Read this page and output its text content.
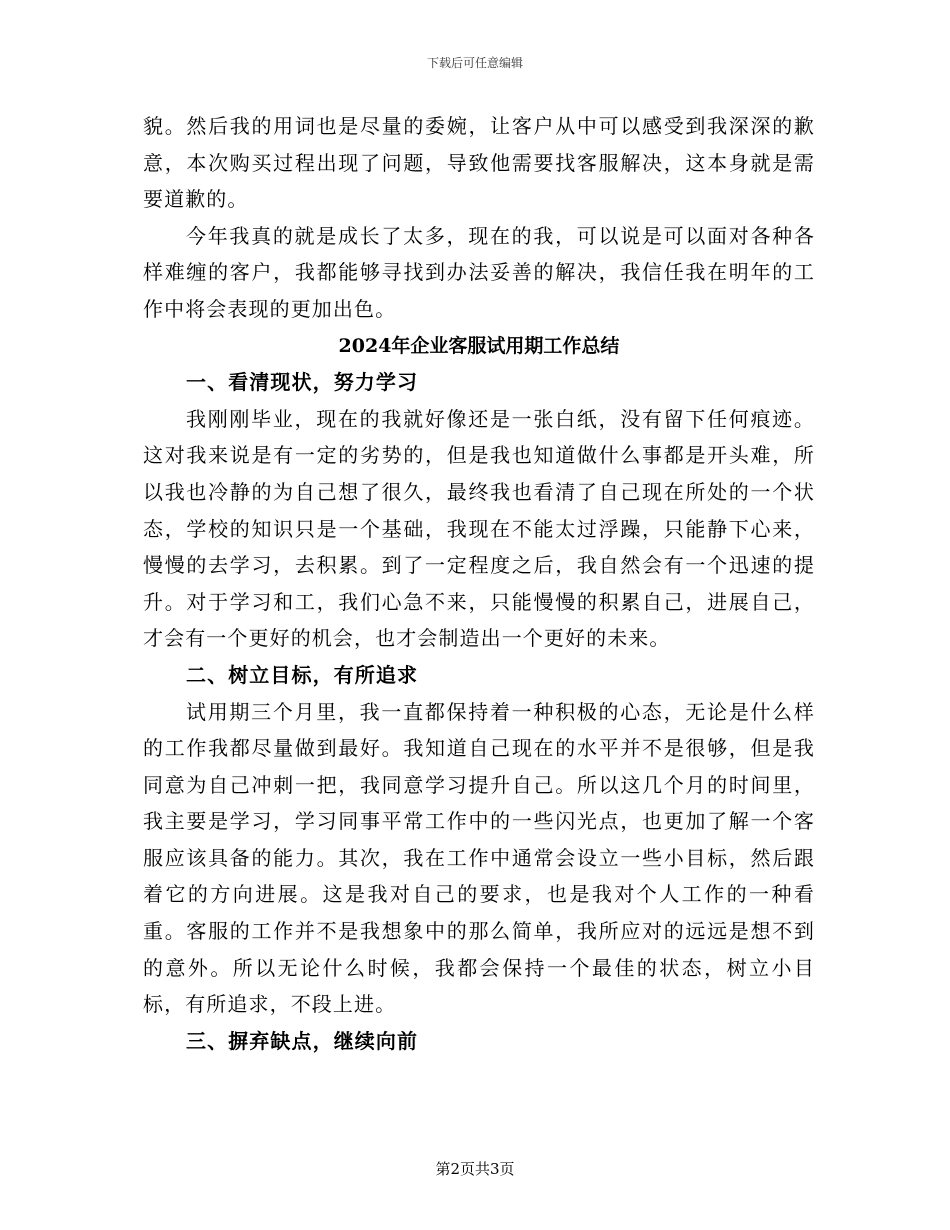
下载后可任意编辑

貌。然后我的用词也是尽量的委婉，让客户从中可以感受到我深深的歉意，本次购买过程出现了问题，导致他需要找客服解决，这本身就是需要道歉的。

今年我真的就是成长了太多，现在的我，可以说是可以面对各种各样难缠的客户，我都能够寻找到办法妥善的解决，我信任我在明年的工作中将会表现的更加出色。

2024年企业客服试用期工作总结

一、看清现状，努力学习

我刚刚毕业，现在的我就好像还是一张白纸，没有留下任何痕迹。这对我来说是有一定的劣势的，但是我也知道做什么事都是开头难，所以我也冷静的为自己想了很久，最终我也看清了自己现在所处的一个状态，学校的知识只是一个基础，我现在不能太过浮躁，只能静下心来，慢慢的去学习，去积累。到了一定程度之后，我自然会有一个迅速的提升。对于学习和工，我们心急不来，只能慢慢的积累自己，进展自己，才会有一个更好的机会，也才会制造出一个更好的未来。

二、树立目标，有所追求

试用期三个月里，我一直都保持着一种积极的心态，无论是什么样的工作我都尽量做到最好。我知道自己现在的水平并不是很够，但是我同意为自己冲刺一把，我同意学习提升自己。所以这几个月的时间里，我主要是学习，学习同事平常工作中的一些闪光点，也更加了解一个客服应该具备的能力。其次，我在工作中通常会设立一些小目标，然后跟着它的方向进展。这是我对自己的要求，也是我对个人工作的一种看重。客服的工作并不是我想象中的那么简单，我所应对的远远是想不到的意外。所以无论什么时候，我都会保持一个最佳的状态，树立小目标，有所追求，不段上进。

三、摒弃缺点，继续向前

第2页共3页
